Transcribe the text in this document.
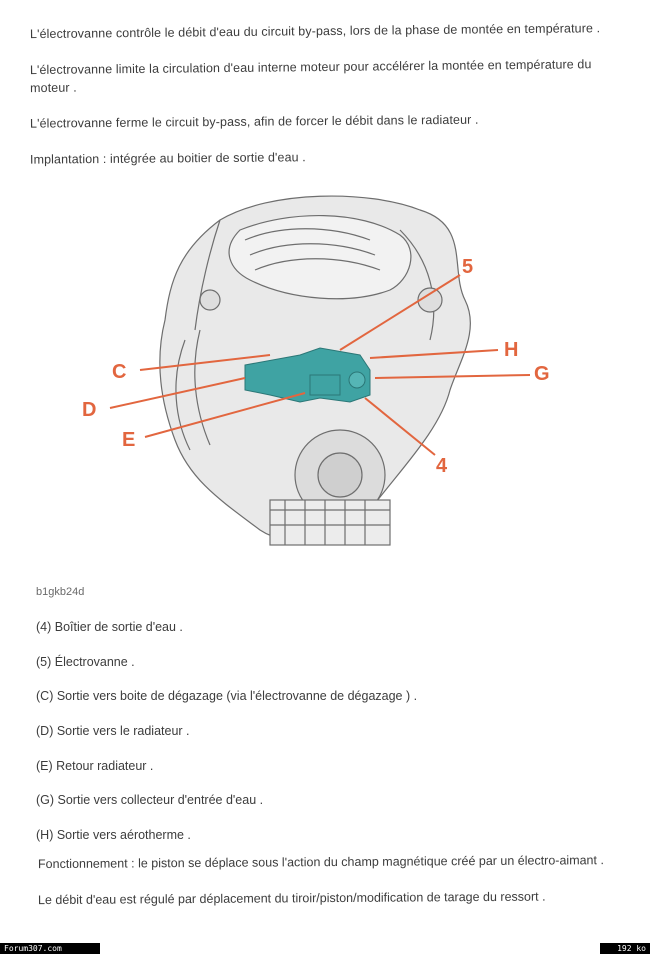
L'électrovanne contrôle le débit d'eau du circuit by-pass, lors de la phase de montée en température .
L'électrovanne limite la circulation d'eau interne moteur pour accélérer la montée en température du moteur .
L'électrovanne ferme le circuit by-pass, afin de forcer le débit dans le radiateur .
Implantation : intégrée au boitier de sortie d'eau .
5
H
G
4
C
D
E
b1gkb24d
(4) Boîtier de sortie d'eau .
(5) Électrovanne .
(C) Sortie vers boite de dégazage (via l'électrovanne de dégazage ) .
(D) Sortie vers le radiateur .
(E) Retour radiateur .
(G) Sortie vers collecteur d'entrée d'eau .
(H) Sortie vers aérotherme .
Fonctionnement : le piston se déplace sous l'action du champ magnétique créé par un électro-aimant .
Le débit d'eau est régulé par déplacement du tiroir/piston/modification de tarage du ressort .
Forum307.com	192 ko
